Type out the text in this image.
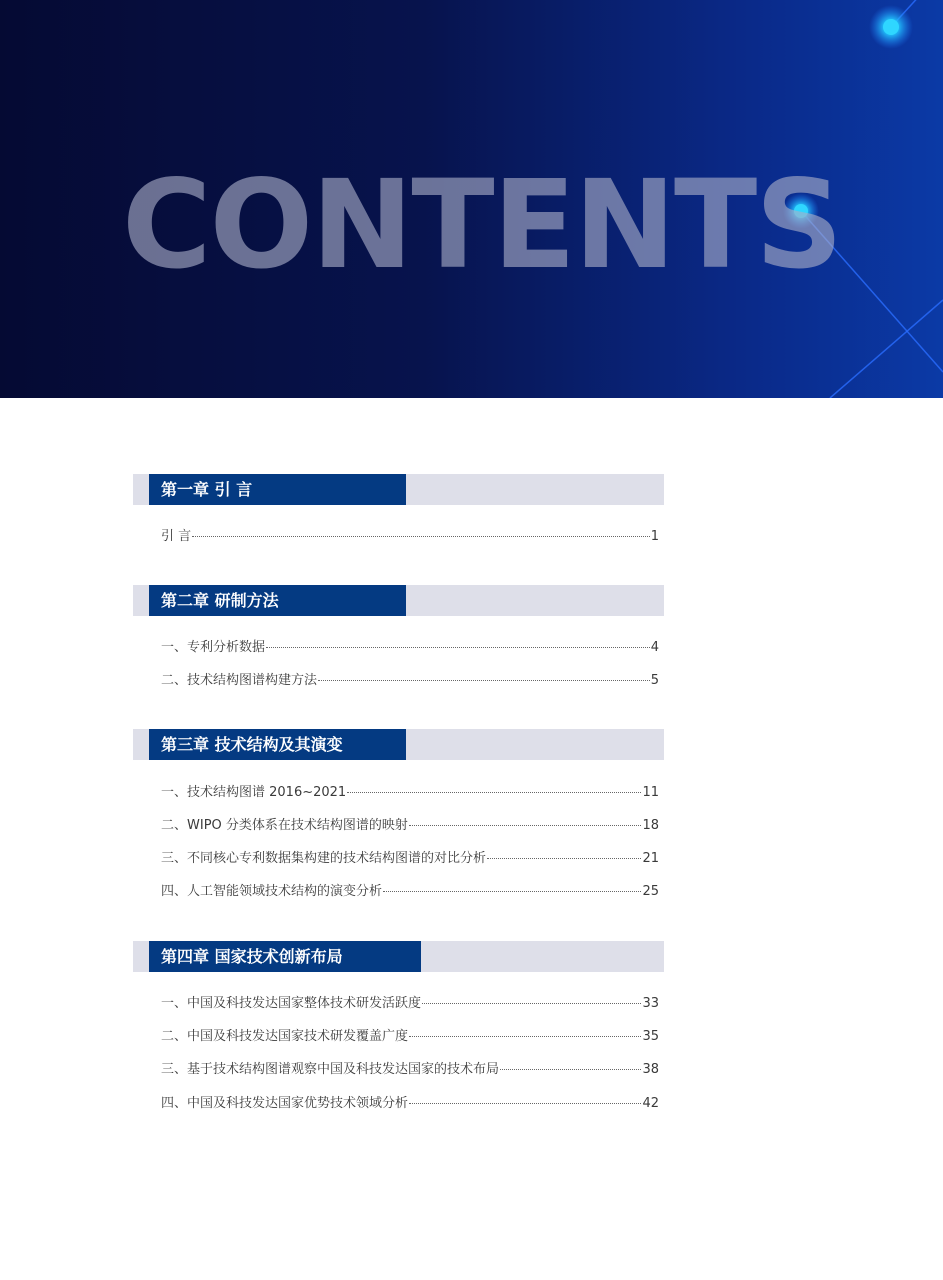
CONTENTS
第一章 引 言
引 言	1
第二章 研制方法
一、专利分析数据	4
二、技术结构图谱构建方法	5
第三章 技术结构及其演变
一、技术结构图谱 2016~2021	11
二、WIPO 分类体系在技术结构图谱的映射	18
三、不同核心专利数据集构建的技术结构图谱的对比分析	21
四、人工智能领域技术结构的演变分析	25
第四章 国家技术创新布局
一、中国及科技发达国家整体技术研发活跃度	33
二、中国及科技发达国家技术研发覆盖广度	35
三、基于技术结构图谱观察中国及科技发达国家的技术布局	38
四、中国及科技发达国家优势技术领域分析	42
